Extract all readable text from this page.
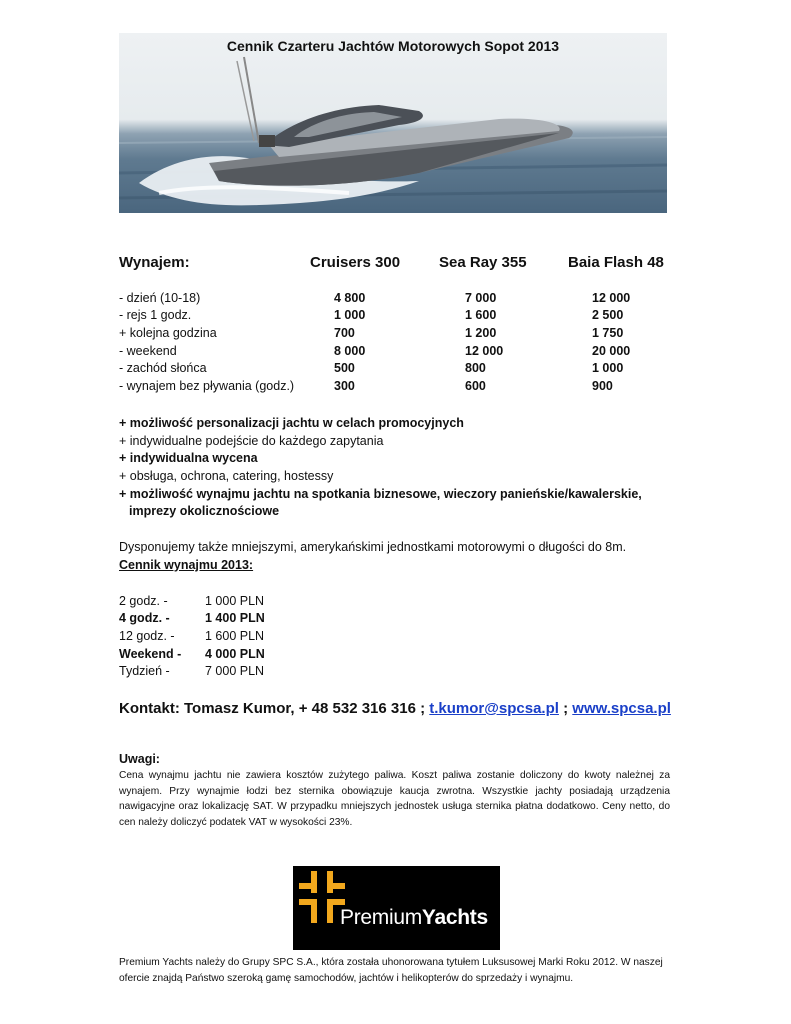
Cennik Czarteru Jachtów Motorowych Sopot 2013
Wynajem:	Cruisers 300	Sea Ray 355	Baia Flash 48
- dzień (10-18)	4 800	7 000	12 000
- rejs 1 godz.	1 000	1 600	2 500
+ kolejna godzina	700	1 200	1 750
- weekend	8 000	12 000	20 000
- zachód słońca	500	800	1 000
- wynajem bez pływania (godz.)	300	600	900
+ możliwość personalizacji jachtu w celach promocyjnych
+ indywidualne podejście do każdego zapytania
+ indywidualna wycena
+ obsługa, ochrona, catering, hostessy
+ możliwość wynajmu jachtu na spotkania biznesowe, wieczory panieńskie/kawalerskie,
imprezy okolicznościowe
Dysponujemy także mniejszymi, amerykańskimi jednostkami motorowymi o długości do 8m.
Cennik wynajmu 2013:
2 godz. -	1 000 PLN
4 godz. -	1 400 PLN
12 godz. - 1 600 PLN
Weekend - 4 000 PLN
Tydzień -	7 000 PLN
Kontakt: Tomasz Kumor, + 48 532 316 316 ; t.kumor@spcsa.pl ; www.spcsa.pl
Uwagi:
Cena wynajmu jachtu nie zawiera kosztów zużytego paliwa. Koszt paliwa zostanie doliczony do kwoty należnej za wynajem. Przy wynajmie łodzi bez sternika obowiązuje kaucja zwrotna. Wszystkie jachty posiadają urządzenia nawigacyjne oraz lokalizację SAT. W przypadku mniejszych jednostek usługa sternika płatna dodatkowo. Ceny netto, do cen należy doliczyć podatek VAT w wysokości 23%.
PremiumYachts
Premium Yachts należy do Grupy SPC S.A., która została uhonorowana tytułem Luksusowej Marki Roku 2012. W naszej ofercie znajdą Państwo szeroką gamę samochodów, jachtów i helikopterów do sprzedaży i wynajmu.
